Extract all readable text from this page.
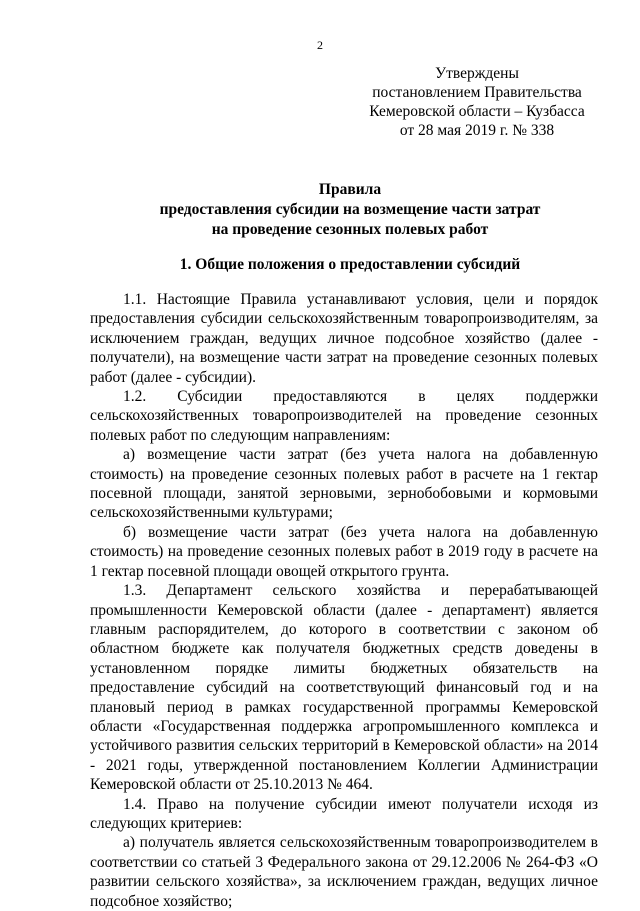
2
Утверждены
постановлением Правительства
Кемеровской области – Кузбасса
от 28 мая 2019 г. № 338
Правила
предоставления субсидии на возмещение части затрат
на проведение сезонных полевых работ
1. Общие положения о предоставлении субсидий

1.1. Настоящие Правила устанавливают условия, цели и порядок предоставления субсидии сельскохозяйственным товаропроизводителям, за исключением граждан, ведущих личное подсобное хозяйство (далее - получатели), на возмещение части затрат на проведение сезонных полевых работ (далее - субсидии).

1.2. Субсидии предоставляются в целях поддержки сельскохозяйственных товаропроизводителей на проведение сезонных полевых работ по следующим направлениям:

а) возмещение части затрат (без учета налога на добавленную стоимость) на проведение сезонных полевых работ в расчете на 1 гектар посевной площади, занятой зерновыми, зернобобовыми и кормовыми сельскохозяйственными культурами;

б) возмещение части затрат (без учета налога на добавленную стоимость) на проведение сезонных полевых работ в 2019 году в расчете на 1 гектар посевной площади овощей открытого грунта.

1.3. Департамент сельского хозяйства и перерабатывающей промышленности Кемеровской области (далее - департамент) является главным распорядителем, до которого в соответствии с законом об областном бюджете как получателя бюджетных средств доведены в установленном порядке лимиты бюджетных обязательств на предоставление субсидий на соответствующий финансовый год и на плановый период в рамках государственной программы Кемеровской области «Государственная поддержка агропромышленного комплекса и устойчивого развития сельских территорий в Кемеровской области» на 2014 - 2021 годы, утвержденной постановлением Коллегии Администрации Кемеровской области от 25.10.2013 № 464.

1.4. Право на получение субсидии имеют получатели исходя из следующих критериев:

а) получатель является сельскохозяйственным товаропроизводителем в соответствии со статьей 3 Федерального закона от 29.12.2006 № 264-ФЗ «О развитии сельского хозяйства», за исключением граждан, ведущих личное подсобное хозяйство;
